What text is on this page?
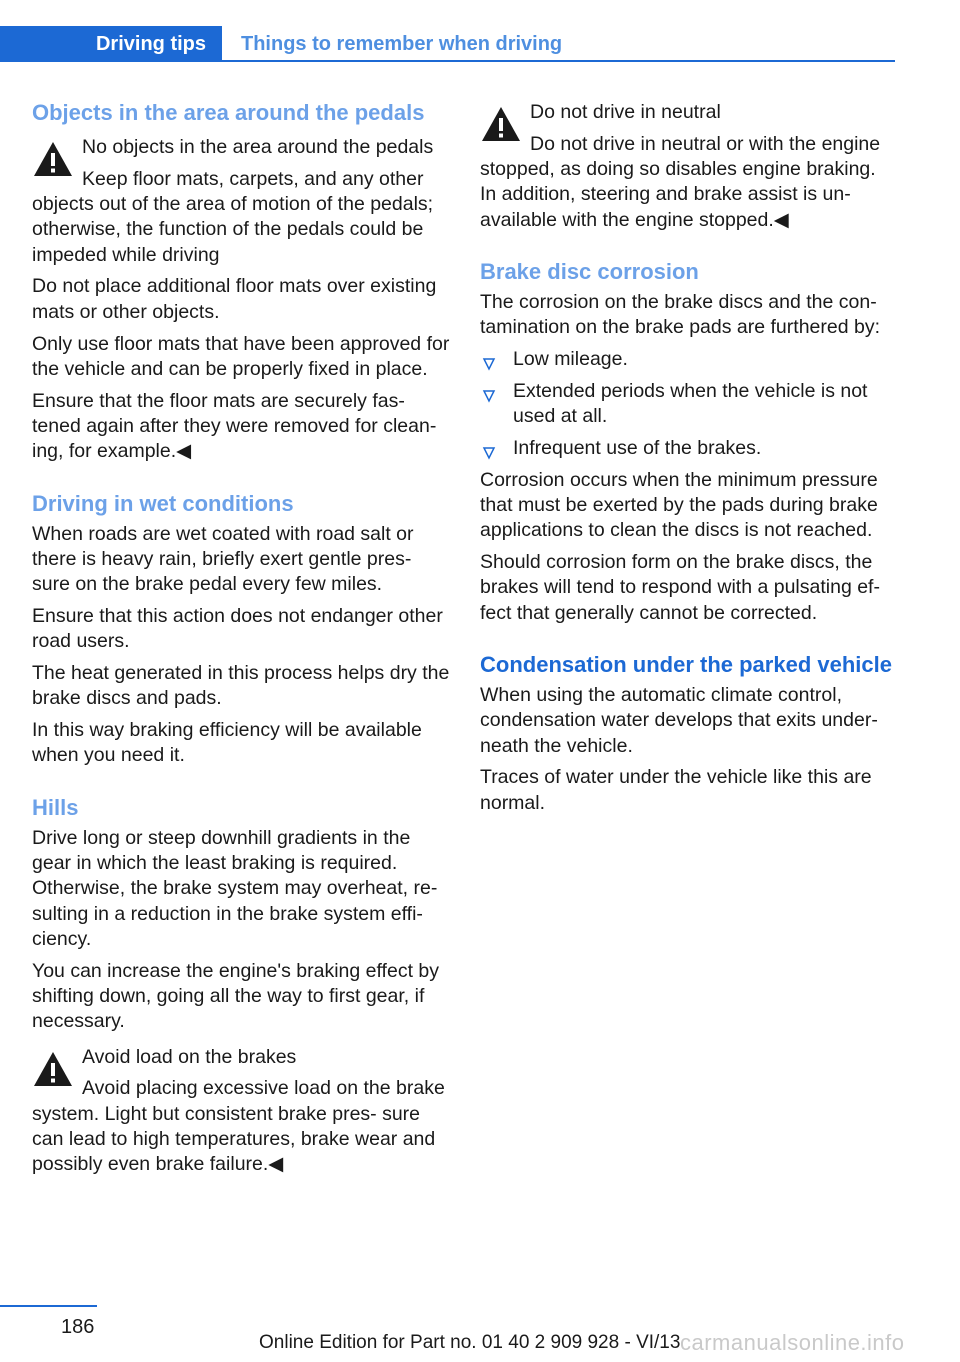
Driving tips	Things to remember when driving
Objects in the area around the pedals

No objects in the area around the pedals

Keep floor mats, carpets, and any other objects out of the area of motion of the pedals; otherwise, the function of the pedals could be impeded while driving

Do not place additional floor mats over existing mats or other objects.

Only use floor mats that have been approved for the vehicle and can be properly fixed in place.

Ensure that the floor mats are securely fas‐ tened again after they were removed for clean‐ ing, for example.◀

Driving in wet conditions

When roads are wet coated with road salt or there is heavy rain, briefly exert gentle pres‐ sure on the brake pedal every few miles.

Ensure that this action does not endanger other road users.

The heat generated in this process helps dry the brake discs and pads.

In this way braking efficiency will be available when you need it.

Hills

Drive long or steep downhill gradients in the gear in which the least braking is required. Otherwise, the brake system may overheat, re‐ sulting in a reduction in the brake system effi‐ ciency.

You can increase the engine's braking effect by shifting down, going all the way to first gear, if necessary.

Avoid load on the brakes

Avoid placing excessive load on the brake system. Light but consistent brake pres‐ sure can lead to high temperatures, brake wear and possibly even brake failure.◀

Do not drive in neutral

Do not drive in neutral or with the engine stopped, as doing so disables engine braking. In addition, steering and brake assist is un‐ available with the engine stopped.◀

Brake disc corrosion

The corrosion on the brake discs and the con‐ tamination on the brake pads are furthered by:

Low mileage.
Extended periods when the vehicle is not used at all.
Infrequent use of the brakes.

Corrosion occurs when the minimum pressure that must be exerted by the pads during brake applications to clean the discs is not reached.

Should corrosion form on the brake discs, the brakes will tend to respond with a pulsating ef‐ fect that generally cannot be corrected.

Condensation under the parked vehicle

When using the automatic climate control, condensation water develops that exits under‐ neath the vehicle.

Traces of water under the vehicle like this are normal.

186
Online Edition for Part no. 01 40 2 909 928 - VI/13 carmanualsonline.info
